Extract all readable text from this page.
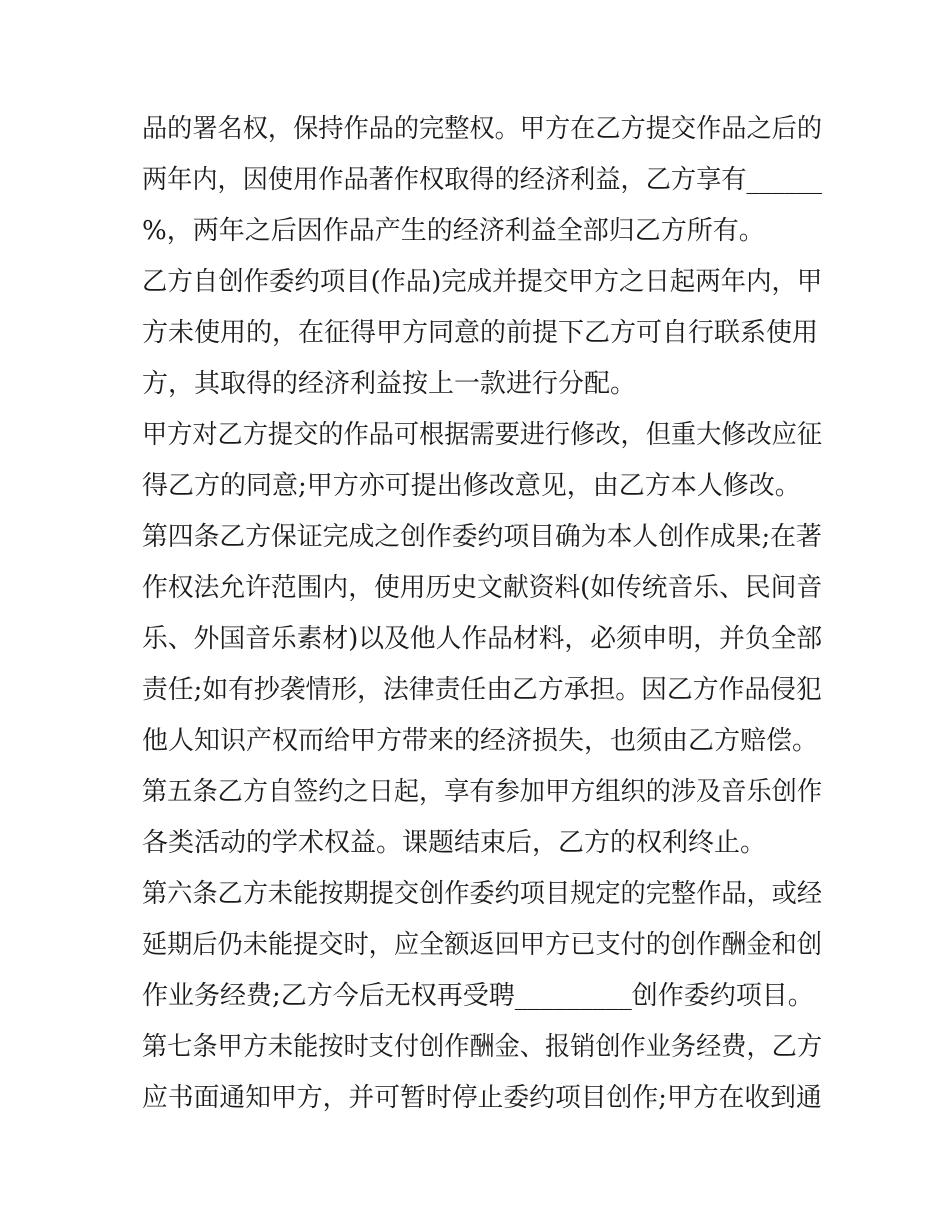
品的署名权，保持作品的完整权。甲方在乙方提交作品之后的
两年内，因使用作品著作权取得的经济利益，乙方享有______
%，两年之后因作品产生的经济利益全部归乙方所有。
乙方自创作委约项目(作品)完成并提交甲方之日起两年内，甲
方未使用的，在征得甲方同意的前提下乙方可自行联系使用
方，其取得的经济利益按上一款进行分配。
甲方对乙方提交的作品可根据需要进行修改，但重大修改应征
得乙方的同意;甲方亦可提出修改意见，由乙方本人修改。
第四条乙方保证完成之创作委约项目确为本人创作成果;在著
作权法允许范围内，使用历史文献资料(如传统音乐、民间音
乐、外国音乐素材)以及他人作品材料，必须申明，并负全部
责任;如有抄袭情形，法律责任由乙方承担。因乙方作品侵犯
他人知识产权而给甲方带来的经济损失，也须由乙方赔偿。
第五条乙方自签约之日起，享有参加甲方组织的涉及音乐创作
各类活动的学术权益。课题结束后，乙方的权利终止。
第六条乙方未能按期提交创作委约项目规定的完整作品，或经
延期后仍未能提交时，应全额返回甲方已支付的创作酬金和创
作业务经费;乙方今后无权再受聘_________创作委约项目。
第七条甲方未能按时支付创作酬金、报销创作业务经费，乙方
应书面通知甲方，并可暂时停止委约项目创作;甲方在收到通
